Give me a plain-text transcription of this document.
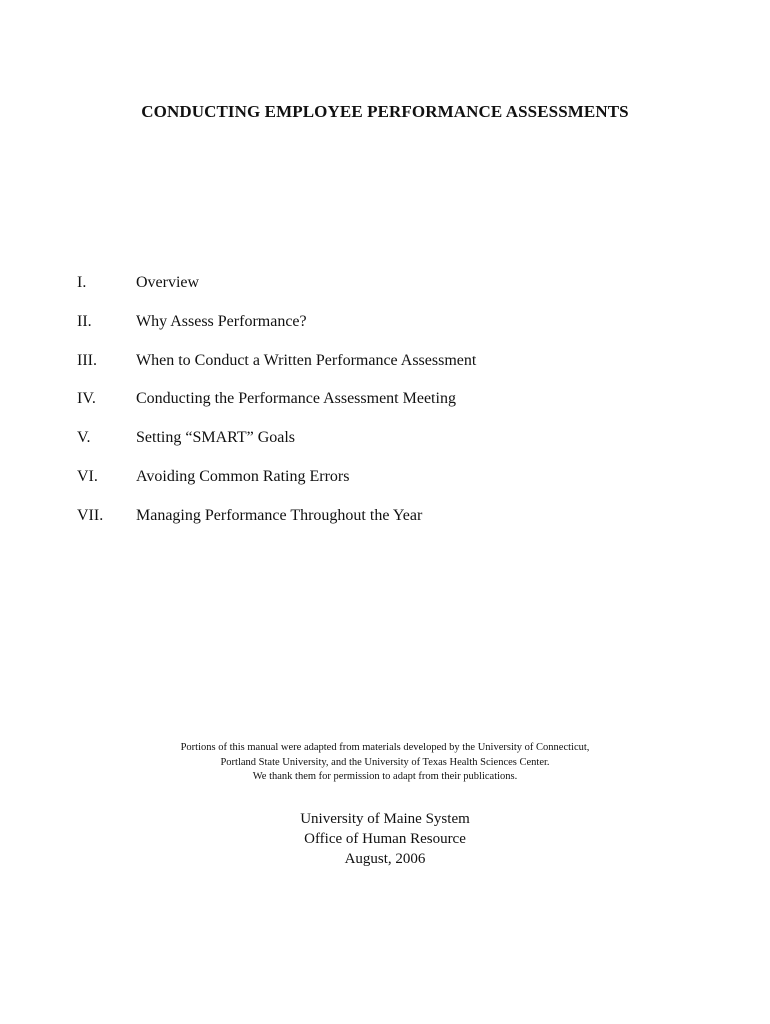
CONDUCTING EMPLOYEE PERFORMANCE ASSESSMENTS
I.	Overview
II.	Why Assess Performance?
III. When to Conduct a Written Performance Assessment
IV.	Conducting the Performance Assessment Meeting
V.	Setting “SMART” Goals
VI. Avoiding Common Rating Errors
VII. Managing Performance Throughout the Year
Portions of this manual were adapted from materials developed by the University of Connecticut,
Portland State University, and the University of Texas Health Sciences Center.
We thank them for permission to adapt from their publications.
University of Maine System
Office of Human Resource
August, 2006
